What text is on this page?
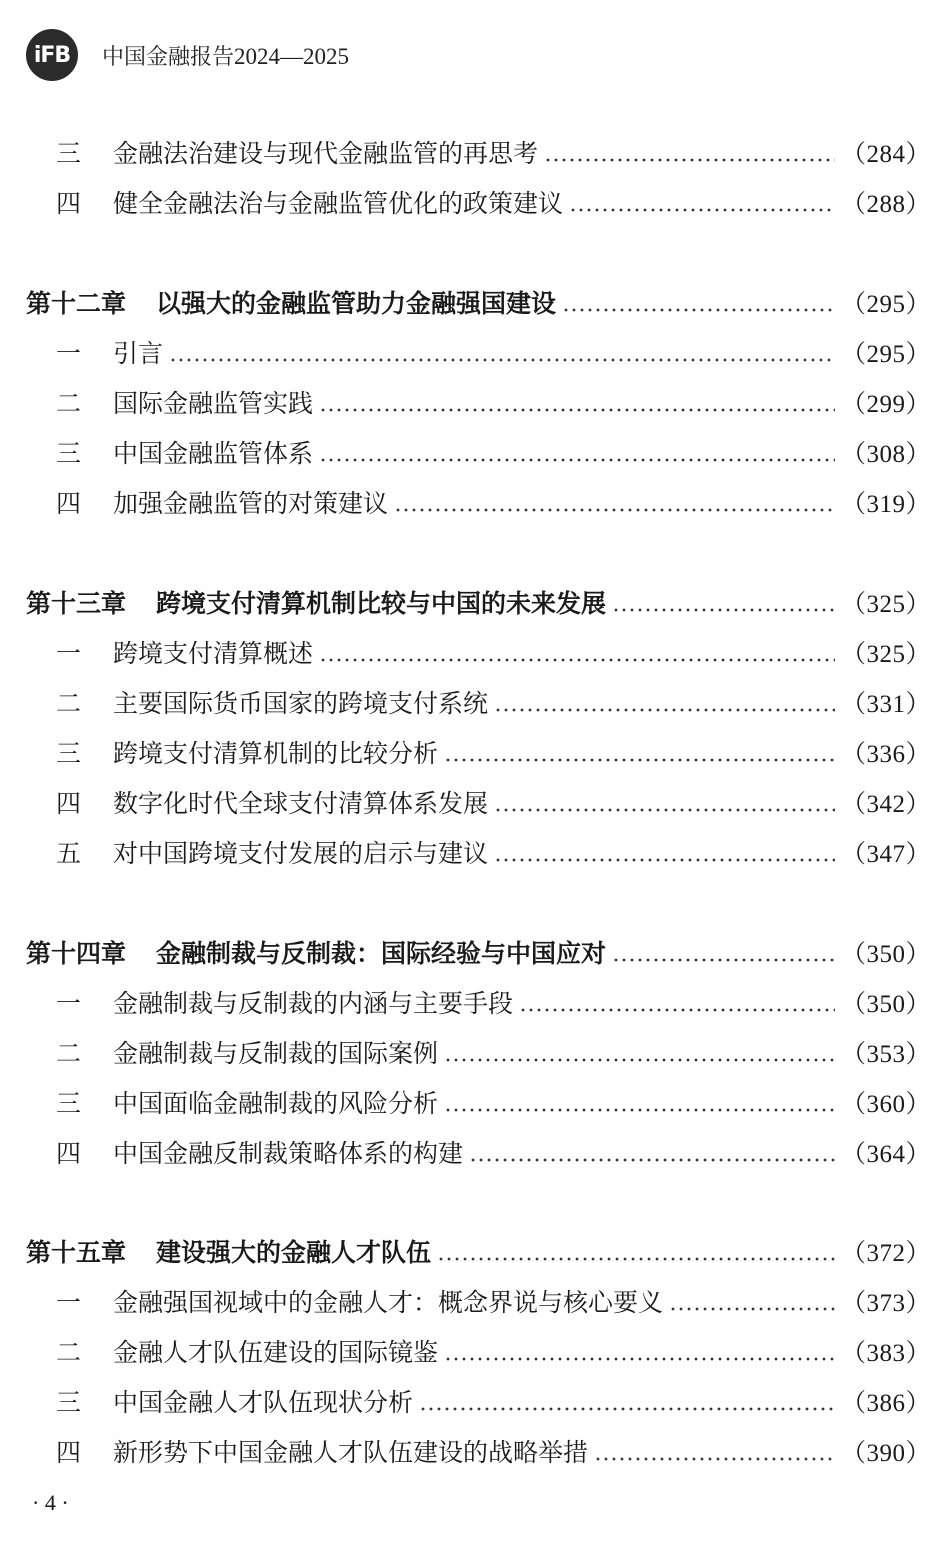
iFB 中国金融报告2024—2025
三	金融法治建设与现代金融监管的再思考	（284）
四	健全金融法治与金融监管优化的政策建议	（288）
第十二章 以强大的金融监管助力金融强国建设	（295）
一	引言	（295）
二	国际金融监管实践	（299）
三	中国金融监管体系	（308）
四	加强金融监管的对策建议	（319）
第十三章 跨境支付清算机制比较与中国的未来发展	（325）
一	跨境支付清算概述	（325）
二	主要国际货币国家的跨境支付系统	（331）
三	跨境支付清算机制的比较分析	（336）
四	数字化时代全球支付清算体系发展	（342）
五	对中国跨境支付发展的启示与建议	（347）
第十四章 金融制裁与反制裁：国际经验与中国应对	（350）
一	金融制裁与反制裁的内涵与主要手段	（350）
二	金融制裁与反制裁的国际案例	（353）
三	中国面临金融制裁的风险分析	（360）
四	中国金融反制裁策略体系的构建	（364）
第十五章 建设强大的金融人才队伍	（372）
一	金融强国视域中的金融人才：概念界说与核心要义	（373）
二	金融人才队伍建设的国际镜鉴	（383）
三	中国金融人才队伍现状分析	（386）
四	新形势下中国金融人才队伍建设的战略举措	（390）
· 4 ·
